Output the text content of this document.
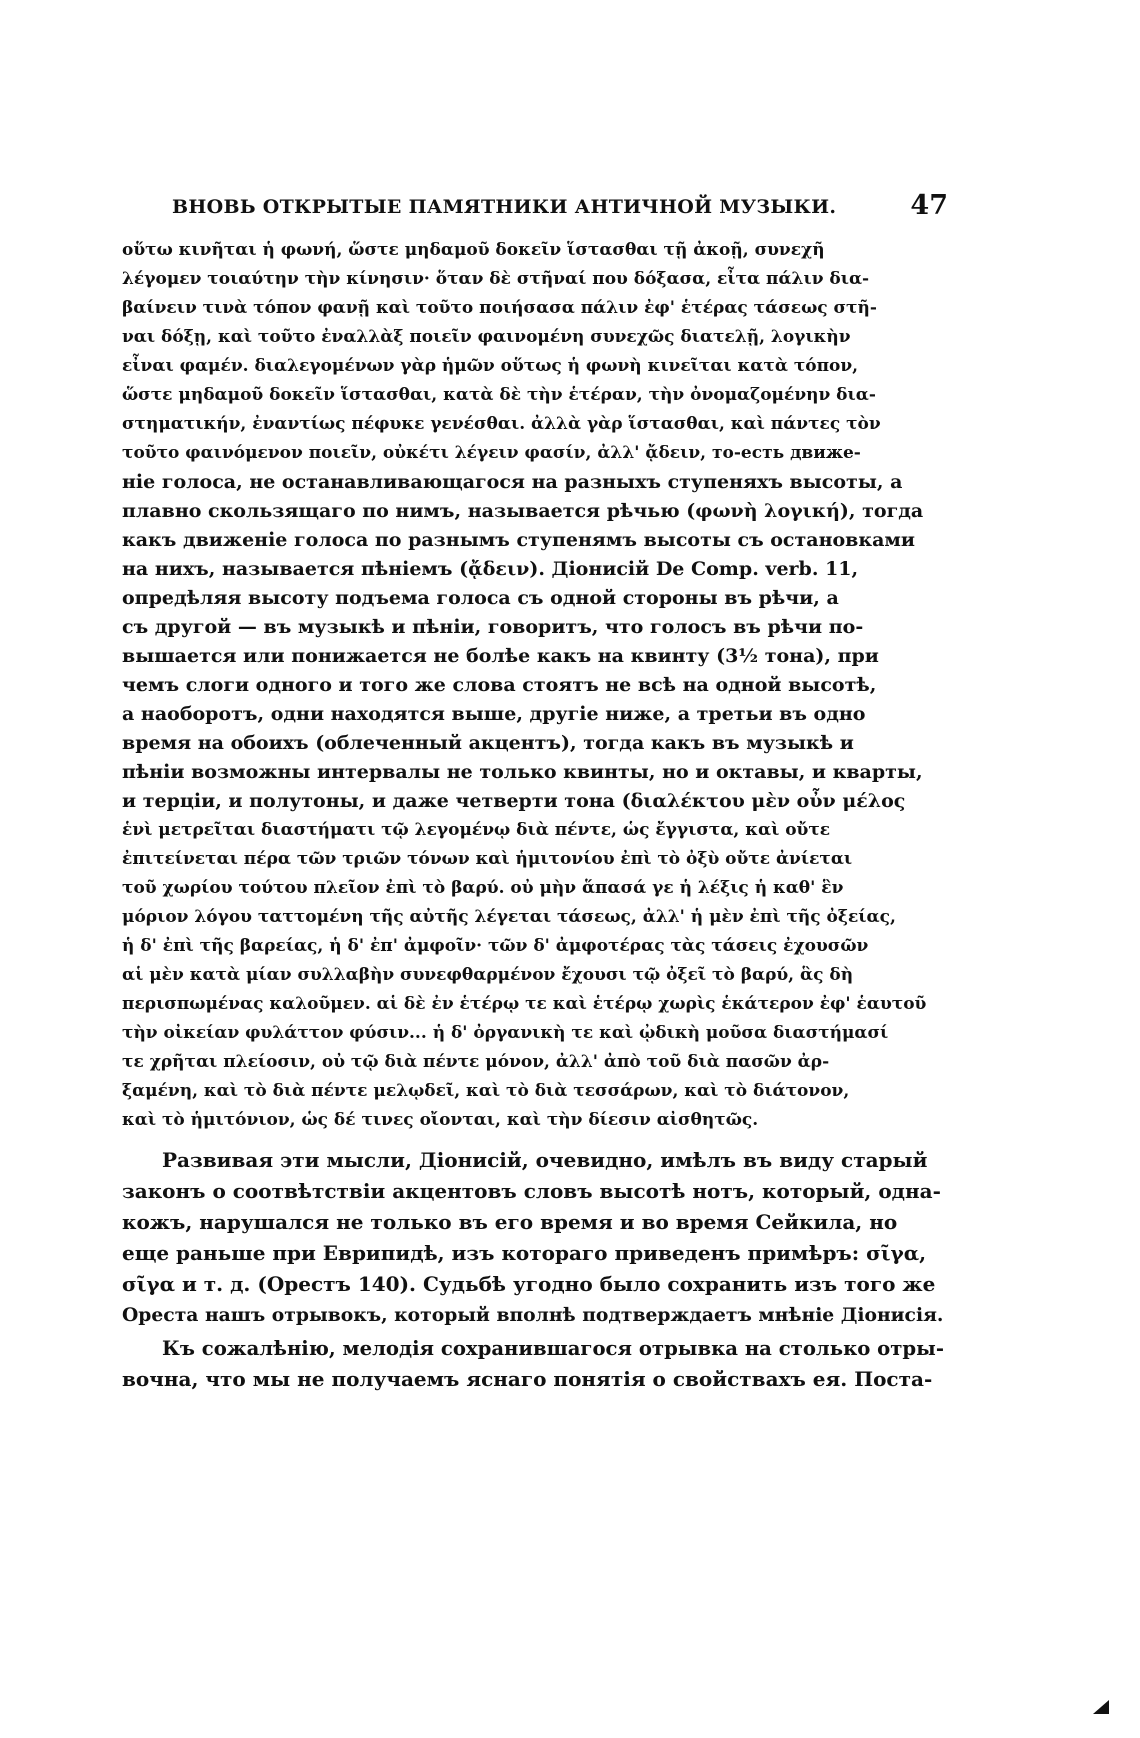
ВНОВЬ ОТКРЫТЫЕ ПАМЯТНИКИ АНТИЧНОЙ МУЗЫКИ.	47
οὕτω κινῆται ἡ φωνή, ὥστε μηδαμοῦ δοκεῖν ἵστασθαι τῇ ἀκοῇ, συνεχῆ
λέγομεν τοιαύτην τὴν κίνησιν· ὅταν δὲ στῆναί που δόξασα, εἶτα πάλιν δια-
βαίνειν τινὰ τόπον φανῇ καὶ τοῦτο ποιήσασα πάλιν ἐφ' ἑτέρας τάσεως στῆ-
ναι δόξῃ, καὶ τοῦτο ἐναλλὰξ ποιεῖν φαινομένη συνεχῶς διατελῇ, λογικὴν
εἶναι φαμέν. διαλεγομένων γὰρ ἡμῶν οὕτως ἡ φωνὴ κινεῖται κατὰ τόπον,
ὥστε μηδαμοῦ δοκεῖν ἵστασθαι, κατὰ δὲ τὴν ἑτέραν, τὴν ὀνομαζομένην δια-
στηματικήν, ἐναντίως πέφυκε γενέσθαι. ἀλλὰ γὰρ ἵστασθαι, καὶ πάντες τὸν
τοῦτο φαινόμενον ποιεῖν, οὐκέτι λέγειν φασίν, ἀλλ' ᾄδειν, то-есть движе-
ніе голоса, не останавливающагося на разныхъ ступеняхъ высоты, а
плавно скользящаго по нимъ, называется рѣчью (φωνὴ λογική), тогда
какъ движеніе голоса по разнымъ ступенямъ высоты съ остановками
на нихъ, называется пѣніемъ (ᾄδειν). Діонисій De Comp. verb. 11,
опредѣляя высоту подъема голоса съ одной стороны въ рѣчи, а
съ другой — въ музыкѣ и пѣніи, говоритъ, что голосъ въ рѣчи по-
вышается или понижается не болѣе какъ на квинту (3½ тона), при
чемъ слоги одного и того же слова стоятъ не всѣ на одной высотѣ,
а наоборотъ, одни находятся выше, другіе ниже, а третьи въ одно
время на обоихъ (облеченный акцентъ), тогда какъ въ музыкѣ и
пѣніи возможны интервалы не только квинты, но и октавы, и кварты,
и терціи, и полутоны, и даже четверти тона (διαλέκτου μὲν οὖν μέλος
ἑνὶ μετρεῖται διαστήματι τῷ λεγομένῳ διὰ πέντε, ὡς ἔγγιστα, καὶ οὔτε
ἐπιτείνεται πέρα τῶν τριῶν τόνων καὶ ἡμιτονίου ἐπὶ τὸ ὀξὺ οὔτε ἀνίεται
τοῦ χωρίου τούτου πλεῖον ἐπὶ τὸ βαρύ. οὐ μὴν ἅπασά γε ἡ λέξις ἡ καθ' ἓν
μόριον λόγου ταττομένη τῆς αὐτῆς λέγεται τάσεως, ἀλλ' ἡ μὲν ἐπὶ τῆς ὀξείας,
ἡ δ' ἐπὶ τῆς βαρείας, ἡ δ' ἐπ' ἀμφοῖν· τῶν δ' ἀμφοτέρας τὰς τάσεις ἐχουσῶν
αἱ μὲν κατὰ μίαν συλλαβὴν συνεφθαρμένον ἔχουσι τῷ ὀξεῖ τὸ βαρύ, ἃς δὴ
περισπωμένας καλοῦμεν. αἱ δὲ ἐν ἑτέρῳ τε καὶ ἑτέρῳ χωρὶς ἑκάτερον ἐφ' ἑαυτοῦ
τὴν οἰκείαν φυλάττον φύσιν... ἡ δ' ὀργανικὴ τε καὶ ᾠδικὴ μοῦσα διαστήμασί
τε χρῆται πλείοσιν, οὐ τῷ διὰ πέντε μόνον, ἀλλ' ἀπὸ τοῦ διὰ πασῶν ἀρ-
ξαμένη, καὶ τὸ διὰ πέντε μελῳδεῖ, καὶ τὸ διὰ τεσσάρων, καὶ τὸ διάτονον,
καὶ τὸ ἡμιτόνιον, ὡς δέ τινες οἴονται, καὶ τὴν δίεσιν αἰσθητῶς.
Развивая эти мысли, Діонисій, очевидно, имѣлъ въ виду старый
законъ о соотвѣтствіи акцентовъ словъ высотѣ нотъ, который, одна-
кожъ, нарушался не только въ его время и во время Сейкила, но
еще раньше при Еврипидѣ, изъ котораго приведенъ примѣръ: σῖγα,
σῖγα и т. д. (Орестъ 140). Судьбѣ угодно было сохранить изъ того же
Ореста нашъ отрывокъ, который вполнѣ подтверждаетъ мнѣніе Діонисія.
Къ сожалѣнію, мелодія сохранившагося отрывка на столько отры-
вочна, что мы не получаемъ яснаго понятія о свойствахъ ея. Поста-
